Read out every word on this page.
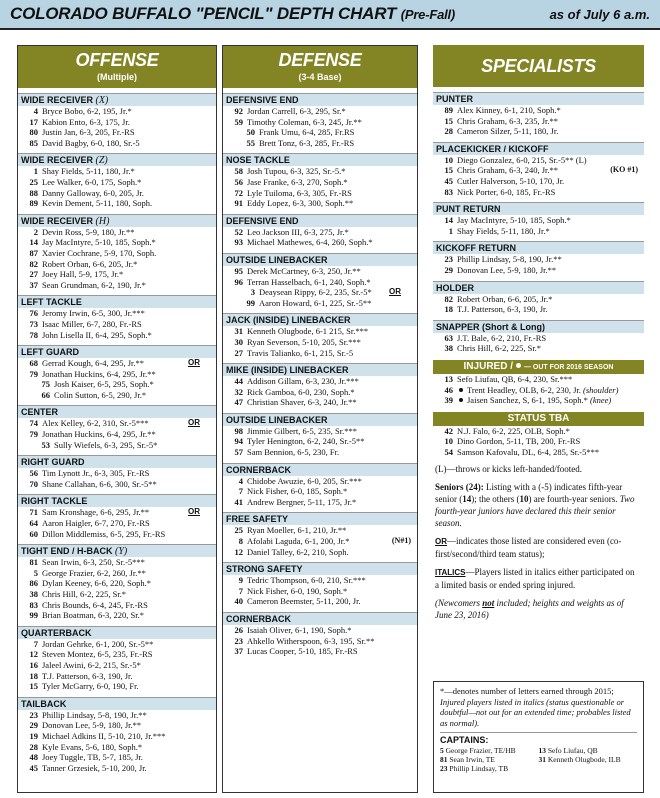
COLORADO BUFFALO "PENCIL" DEPTH CHART (Pre-Fall)	as of July 6 a.m.
OFFENSE
(Multiple)
WIDE RECEIVER (X)
4 Bryce Bobo, 6-2, 195, Jr.*
17 Kabion Ento, 6-3, 175, Jr.
80 Justin Jan, 6-3, 205, Fr.-RS
85 David Bagby, 6-0, 180, Sr.-5
WIDE RECEIVER (Z)
1 Shay Fields, 5-11, 180, Jr.*
25 Lee Walker, 6-0, 175, Soph.*
88 Danny Galloway, 6-0, 205, Jr.
89 Kevin Dement, 5-11, 180, Soph.
WIDE RECEIVER (H)
2 Devin Ross, 5-9, 180, Jr.**
14 Jay MacIntyre, 5-10, 185, Soph.*
87 Xavier Cochrane, 5-9, 170, Soph.
82 Robert Orban, 6-6, 205, Jr.*
27 Joey Hall, 5-9, 175, Jr.*
37 Sean Grundman, 6-2, 190, Jr.*
LEFT TACKLE
76 Jeromy Irwin, 6-5, 300, Jr.***
73 Isaac Miller, 6-7, 280, Fr.-RS
78 John Lisella II, 6-4, 295, Soph.*
LEFT GUARD
68 Gerrad Kough, 6-4, 295, Jr.**	OR
79 Jonathan Huckins, 6-4, 295, Jr.**
75 Josh Kaiser, 6-5, 295, Soph.*
66 Colin Sutton, 6-5, 290, Jr.*
CENTER
74 Alex Kelley, 6-2, 310, Sr.-5***	OR
79 Jonathan Huckins, 6-4, 295, Jr.**
53 Sully Wiefels, 6-3, 295, Sr.-5*
RIGHT GUARD
56 Tim Lynott Jr., 6-3, 305, Fr.-RS
70 Shane Callahan, 6-6, 300, Sr.-5**
RIGHT TACKLE
71 Sam Kronshage, 6-6, 295, Jr.**	OR
64 Aaron Haigler, 6-7, 270, Fr.-RS
60 Dillon Middlemiss, 6-5, 295, Fr.-RS
TIGHT END / H-BACK (Y)
81 Sean Irwin, 6-3, 250, Sr.-5***
5 George Frazier, 6-2, 260, Jr.**
86 Dylan Keeney, 6-6, 220, Soph.*
38 Chris Hill, 6-2, 225, Sr.*
83 Chris Bounds, 6-4, 245, Fr.-RS
99 Brian Boatman, 6-3, 220, Sr.*
QUARTERBACK
7 Jordan Gehrke, 6-1, 200, Sr.-5**
12 Steven Montez, 6-5, 235, Fr.-RS
16 Jaleel Awini, 6-2, 215, Sr.-5*
18 T.J. Patterson, 6-3, 190, Jr.
15 Tyler McGarry, 6-0, 190, Fr.
TAILBACK
23 Phillip Lindsay, 5-8, 190, Jr.**
29 Donovan Lee, 5-9, 180, Jr.**
19 Michael Adkins II, 5-10, 210, Jr.***
28 Kyle Evans, 5-6, 180, Soph.*
48 Joey Tuggle, TB, 5-7, 185, Jr.
45 Tanner Grzesiek, 5-10, 200, Jr.
DEFENSE
(3-4 Base)
DEFENSIVE END
92 Jordan Carrell, 6-3, 295, Sr.*
59 Timothy Coleman, 6-3, 245, Jr.**
50 Frank Umu, 6-4, 285, Fr.RS
55 Brett Tonz, 6-3, 285, Fr.-RS
NOSE TACKLE
58 Josh Tupou, 6-3, 325, Sr.-5.*
56 Jase Franke, 6-3, 270, Soph.*
72 Lyle Tuiloma, 6-3, 305, Fr.-RS
91 Eddy Lopez, 6-3, 300, Soph.**
DEFENSIVE END
52 Leo Jackson III, 6-3, 275, Jr.*
93 Michael Mathewes, 6-4, 260, Soph.*
OUTSIDE LINEBACKER
95 Derek McCartney, 6-3, 250, Jr.**
96 Terran Hasselbach, 6-1, 240, Soph.*
3 Deaysean Rippy, 6-2, 235, Sr.-5* OR
99 Aaron Howard, 6-1, 225, Sr.-5**
JACK (INSIDE) LINEBACKER
31 Kenneth Olugbode, 6-1 215, Sr.***
30 Ryan Severson, 5-10, 205, Sr.***
27 Travis Talianko, 6-1, 215, Sr.-5
MIKE (INSIDE) LINEBACKER
44 Addison Gillam, 6-3, 230, Jr.***
32 Rick Gamboa, 6-0, 230, Soph.*
47 Christian Shaver, 6-3, 240, Jr.**
OUTSIDE LINEBACKER
98 Jimmie Gilbert, 6-5, 235, Sr.***
94 Tyler Henington, 6-2, 240, Sr.-5**
57 Sam Bennion, 6-5, 230, Fr.
CORNERBACK
4 Chidobe Awuzie, 6-0, 205, Sr.***
7 Nick Fisher, 6-0, 185, Soph.*
41 Andrew Bergner, 5-11, 175, Jr.*
FREE SAFETY
25 Ryan Moeller, 6-1, 210, Jr.**
8 Afolabi Laguda, 6-1, 200, Jr.*	(N#1)
12 Daniel Talley, 6-2, 210, Soph.
STRONG SAFETY
9 Tedric Thompson, 6-0, 210, Sr.***
7 Nick Fisher, 6-0, 190, Soph.*
40 Cameron Beemster, 5-11, 200, Jr.
CORNERBACK
26 Isaiah Oliver, 6-1, 190, Soph.*
23 Ahkello Witherspoon, 6-3, 195, Sr.**
37 Lucas Cooper, 5-10, 185, Fr.-RS
SPECIALISTS
PUNTER
89 Alex Kinney, 6-1, 210, Soph.*
15 Chris Graham, 6-3, 235, Jr.**
28 Cameron Silzer, 5-11, 180, Jr.
PLACEKICKER / KICKOFF
10 Diego Gonzalez, 6-0, 215, Sr.-5** (L)
15 Chris Graham, 6-3, 240, Jr.**	(KO #1)
45 Cutler Halverson, 5-10, 170, Jr.
83 Nick Porter, 6-0, 185, Fr.-RS
PUNT RETURN
14 Jay MacIntyre, 5-10, 185, Soph.*
1 Shay Fields, 5-11, 180, Jr.*
KICKOFF RETURN
23 Phillip Lindsay, 5-8, 190, Jr.**
29 Donovan Lee, 5-9, 180, Jr.**
HOLDER
82 Robert Orban, 6-6, 205, Jr.*
18 T.J. Patterson, 6-3, 190, Jr.
SNAPPER (Short & Long)
63 J.T. Bale, 6-2, 210, Fr.-RS
38 Chris Hill, 6-2, 225, Sr.*
INJURED / — OUT FOR 2016 SEASON
13 Sefo Liufau, QB, 6-4, 230, Sr.***
46 Trent Headley, OLB, 6-2, 230, Jr. (shoulder)
39 Jaisen Sanchez, S, 6-1, 195, Soph.* (knee)
STATUS TBA
42 N.J. Falo, 6-2, 225, OLB, Soph.*
10 Dino Gordon, 5-11, TB, 200, Fr.-RS
54 Samson Kafovalu, DL, 6-4, 285, Sr.-5***
(L)—throws or kicks left-handed/footed.
Seniors (24): Listing with a (-5) indicates fifth-year senior (14); the others (10) are fourth-year seniors. Two fourth-year juniors have declared this their senior season.
OR—indicates those listed are considered even (co-first/second/third team status);
ITALICS—Players listed in italics either participated on a limited basis or ended spring injured.
(Newcomers not included; heights and weights as of June 23, 2016)
*—denotes number of letters earned through 2015; Injured players listed in italics (status questionable or doubtful—not out for an extended time; probables listed as normal).
CAPTAINS:
5 George Frazier, TE/HB	13 Sefo Liufau, QB
81 Sean Irwin, TE	31 Kenneth Olugbode, ILB
23 Phillip Lindsay, TB
